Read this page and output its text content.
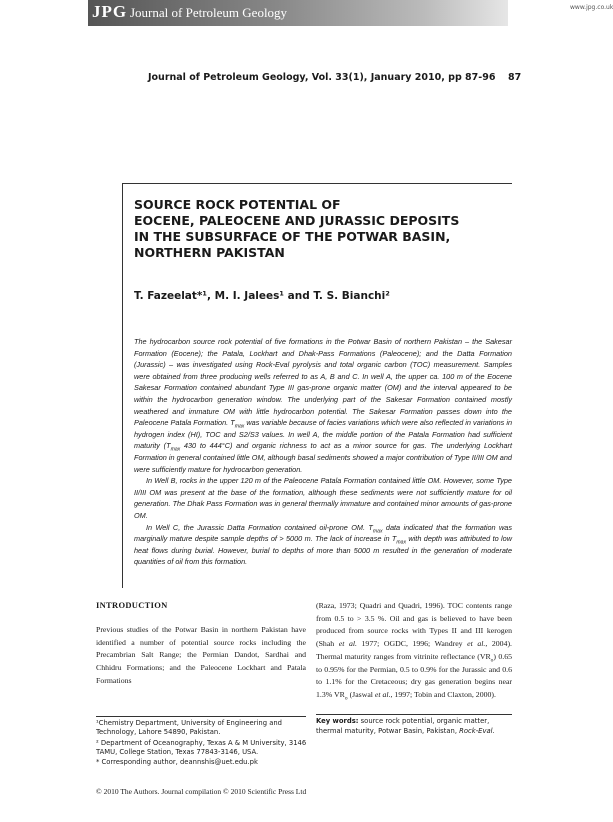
JPG Journal of Petroleum Geology	www.jpg.co.uk
Journal of Petroleum Geology, Vol. 33(1), January 2010, pp 87-96 87
SOURCE ROCK POTENTIAL OF
EOCENE, PALEOCENE AND JURASSIC DEPOSITS
IN THE SUBSURFACE OF THE POTWAR BASIN,
NORTHERN PAKISTAN
T. Fazeelat*¹, M. I. Jalees¹ and T. S. Bianchi²

The hydrocarbon source rock potential of five formations in the Potwar Basin of northern Pakistan – the Sakesar Formation (Eocene); the Patala, Lockhart and Dhak-Pass Formations (Paleocene); and the Datta Formation (Jurassic) – was investigated using Rock-Eval pyrolysis and total organic carbon (TOC) measurement. Samples were obtained from three producing wells referred to as A, B and C. In well A, the upper ca. 100 m of the Eocene Sakesar Formation contained abundant Type III gas-prone organic matter (OM) and the interval appeared to be within the hydrocarbon generation window. The underlying part of the Sakesar Formation contained mostly weathered and immature OM with little hydrocarbon potential. The Sakesar Formation passes down into the Paleocene Patala Formation. $T_{max}$ was variable because of facies variations which were also reflected in variations in hydrogen index (HI), TOC and S2/S3 values. In well A, the middle portion of the Patala Formation had sufficient maturity ($T_{max}$ 430 to 444°C) and organic richness to act as a minor source for gas. The underlying Lockhart Formation in general contained little OM, although basal sediments showed a major contribution of Type II/III OM and were sufficiently mature for hydrocarbon generation.

In Well B, rocks in the upper 120 m of the Paleocene Patala Formation contained little OM. However, some Type II/III OM was present at the base of the formation, although these sediments were not sufficiently mature for oil generation. The Dhak Pass Formation was in general thermally immature and contained minor amounts of gas-prone OM.

In Well C, the Jurassic Datta Formation contained oil-prone OM. $T_{max}$ data indicated that the formation was marginally mature despite sample depths of > 5000 m. The lack of increase in $T_{max}$ with depth was attributed to low heat flows during burial. However, burial to depths of more than 5000 m resulted in the generation of moderate quantities of oil from this formation.

INTRODUCTION

Previous studies of the Potwar Basin in northern Pakistan have identified a number of potential source rocks including the Precambrian Salt Range; the Permian Dandot, Sardhai and Chhidru Formations; and the Paleocene Lockhart and Patala Formations

(Raza, 1973; Quadri and Quadri, 1996). TOC contents range from 0.5 to > 3.5 %. Oil and gas is believed to have been produced from source rocks with Types II and III kerogen (Shah et al. 1977; OGDC, 1996; Wandrey et al., 2004). Thermal maturity ranges from vitrinite reflectance $(VR_o)$ 0.65 to 0.95% for the Permian, 0.5 to 0.9% for the Jurassic and 0.6 to 1.1% for the Cretaceous; dry gas generation begins near 1.3% $VR_o$ (Jaswal et al., 1997; Tobin and Claxton, 2000).

¹Chemistry Department, University of Engineering and Technology, Lahore 54890, Pakistan.

² Department of Oceanography, Texas A & M University, 3146 TAMU, College Station, Texas 77843-3146, USA.

* Corresponding author, deannshis@uet.edu.pk

Key words: source rock potential, organic matter, thermal maturity, Potwar Basin, Pakistan, Rock-Eval.
© 2010 The Authors. Journal compilation © 2010 Scientific Press Ltd
